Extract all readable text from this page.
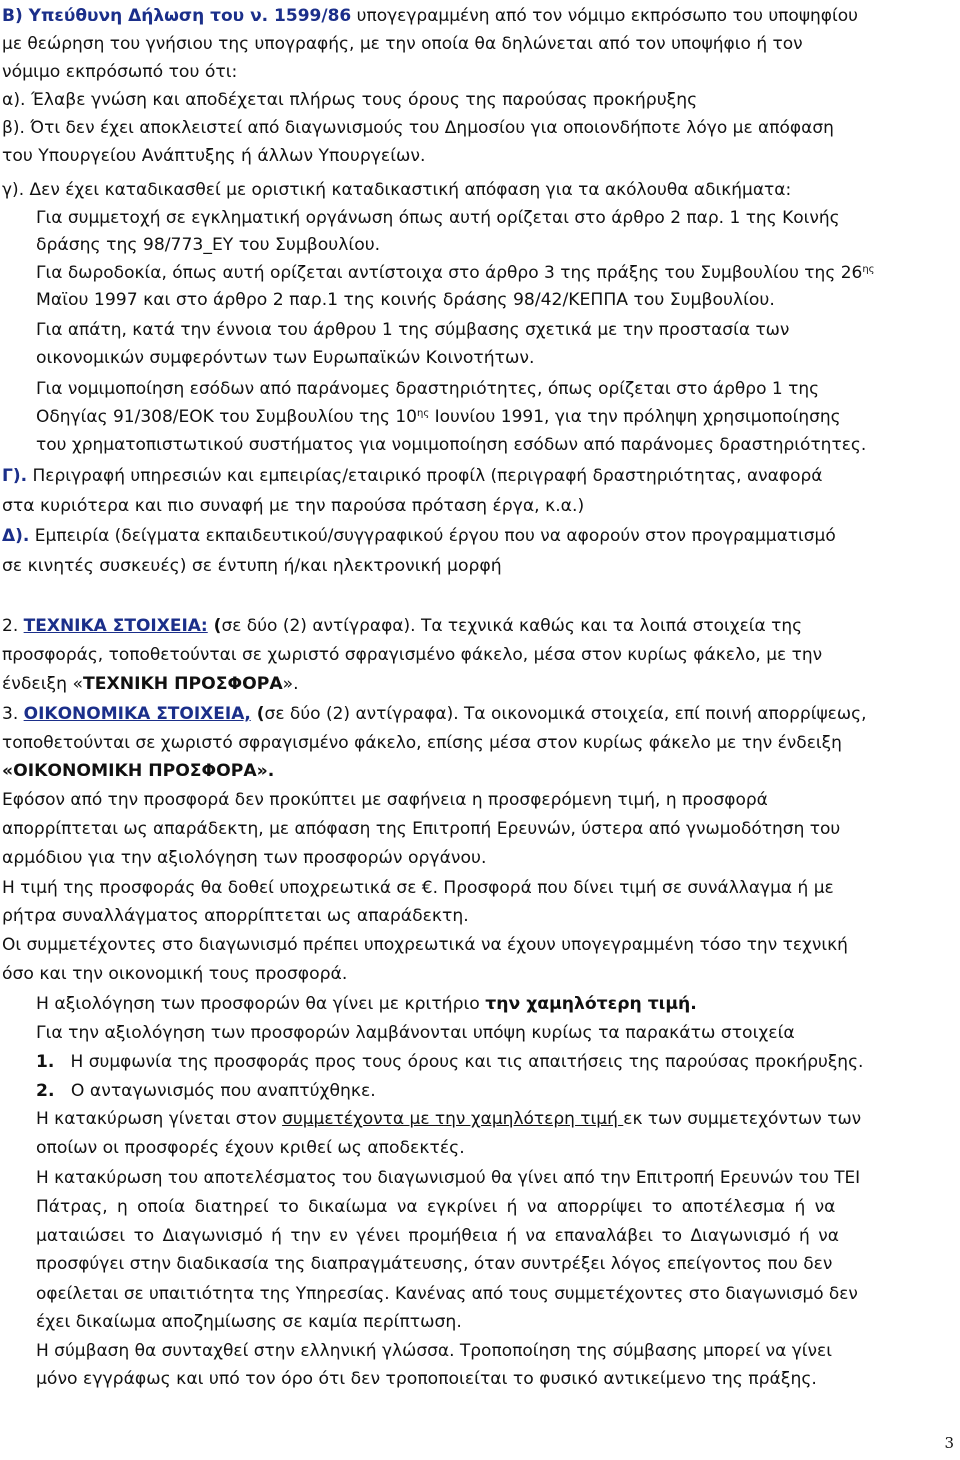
Β) Υπεύθυνη Δήλωση του ν. 1599/86 υπογεγραμμένη από τον νόμιμο εκπρόσωπο του υποψηφίου
με θεώρηση του γνήσιου της υπογραφής, με την οποία θα δηλώνεται από τον υποψήφιο ή τον
νόμιμο εκπρόσωπό του ότι:
α). Έλαβε γνώση και αποδέχεται πλήρως τους όρους της παρούσας προκήρυξης
β). Ότι δεν έχει αποκλειστεί από διαγωνισμούς του Δημοσίου για οποιονδήποτε λόγο με απόφαση
του Υπουργείου Ανάπτυξης ή άλλων Υπουργείων.
γ). Δεν έχει καταδικασθεί με οριστική καταδικαστική απόφαση για τα ακόλουθα αδικήματα:
Για συμμετοχή σε εγκληματική οργάνωση όπως αυτή ορίζεται στο άρθρο 2 παρ. 1 της Κοινής
δράσης της 98/773_ΕΥ του Συμβουλίου.
Για δωροδοκία, όπως αυτή ορίζεται αντίστοιχα στο άρθρο 3 της πράξης του Συμβουλίου της $26^{\eta\varsigma}$
Μαϊου 1997 και στο άρθρο 2 παρ.1 της κοινής δράσης 98/42/ΚΕΠΠΑ του Συμβουλίου.
Για απάτη, κατά την έννοια του άρθρου 1 της σύμβασης σχετικά με την προστασία των
οικονομικών συμφερόντων των Ευρωπαϊκών Κοινοτήτων.
Για νομιμοποίηση εσόδων από παράνομες δραστηριότητες, όπως ορίζεται στο άρθρο 1 της
Οδηγίας 91/308/ΕΟΚ του Συμβουλίου της $10^{\eta\varsigma}$ Ιουνίου 1991, για την πρόληψη χρησιμοποίησης
του χρηματοπιστωτικού συστήματος για νομιμοποίηση εσόδων από παράνομες δραστηριότητες.
Γ). Περιγραφή υπηρεσιών και εμπειρίας/εταιρικό προφίλ (περιγραφή δραστηριότητας, αναφορά
στα κυριότερα και πιο συναφή με την παρούσα πρόταση έργα, κ.α.)
Δ). Εμπειρία (δείγματα εκπαιδευτικού/συγγραφικού έργου που να αφορούν στον προγραμματισμό
σε κινητές συσκευές) σε έντυπη ή/και ηλεκτρονική μορφή
2. ΤΕΧΝΙΚΑ ΣΤΟΙΧΕΙΑ: (σε δύο (2) αντίγραφα). Τα τεχνικά καθώς και τα λοιπά στοιχεία της
προσφοράς, τοποθετούνται σε χωριστό σφραγισμένο φάκελο, μέσα στον κυρίως φάκελο, με την
ένδειξη «ΤΕΧΝΙΚΗ ΠΡΟΣΦΟΡΑ».
3. ΟΙΚΟΝΟΜΙΚΑ ΣΤΟΙΧΕΙΑ, (σε δύο (2) αντίγραφα). Τα οικονομικά στοιχεία, επί ποινή απορρίψεως,
τοποθετούνται σε χωριστό σφραγισμένο φάκελο, επίσης μέσα στον κυρίως φάκελο με την ένδειξη
«ΟΙΚΟΝΟΜΙΚΗ ΠΡΟΣΦΟΡΑ».
Εφόσον από την προσφορά δεν προκύπτει με σαφήνεια η προσφερόμενη τιμή, η προσφορά
απορρίπτεται ως απαράδεκτη, με απόφαση της Επιτροπή Ερευνών, ύστερα από γνωμοδότηση του
αρμόδιου για την αξιολόγηση των προσφορών οργάνου.
Η τιμή της προσφοράς θα δοθεί υποχρεωτικά σε €. Προσφορά που δίνει τιμή σε συνάλλαγμα ή με
ρήτρα συναλλάγματος απορρίπτεται ως απαράδεκτη.
Οι συμμετέχοντες στο διαγωνισμό πρέπει υποχρεωτικά να έχουν υπογεγραμμένη τόσο την τεχνική
όσο και την οικονομική τους προσφορά.
Η αξιολόγηση των προσφορών θα γίνει με κριτήριο την χαμηλότερη τιμή.
Για την αξιολόγηση των προσφορών λαμβάνονται υπόψη κυρίως τα παρακάτω στοιχεία
1. Η συμφωνία της προσφοράς προς τους όρους και τις απαιτήσεις της παρούσας προκήρυξης.
2. Ο ανταγωνισμός που αναπτύχθηκε.
Η κατακύρωση γίνεται στον συμμετέχοντα με την χαμηλότερη τιμή εκ των συμμετεχόντων των
οποίων οι προσφορές έχουν κριθεί ως αποδεκτές.
Η κατακύρωση του αποτελέσματος του διαγωνισμού θα γίνει από την Επιτροπή Ερευνών του ΤΕΙ
Πάτρας, η οποία διατηρεί το δικαίωμα να εγκρίνει ή να απορρίψει το αποτέλεσμα ή να
ματαιώσει το Διαγωνισμό ή την εν γένει προμήθεια ή να επαναλάβει το Διαγωνισμό ή να
προσφύγει στην διαδικασία της διαπραγμάτευσης, όταν συντρέξει λόγος επείγοντος που δεν
οφείλεται σε υπαιτιότητα της Υπηρεσίας. Κανένας από τους συμμετέχοντες στο διαγωνισμό δεν
έχει δικαίωμα αποζημίωσης σε καμία περίπτωση.
Η σύμβαση θα συνταχθεί στην ελληνική γλώσσα. Τροποποίηση της σύμβασης μπορεί να γίνει
μόνο εγγράφως και υπό τον όρο ότι δεν τροποποιείται το φυσικό αντικείμενο της πράξης.
3
